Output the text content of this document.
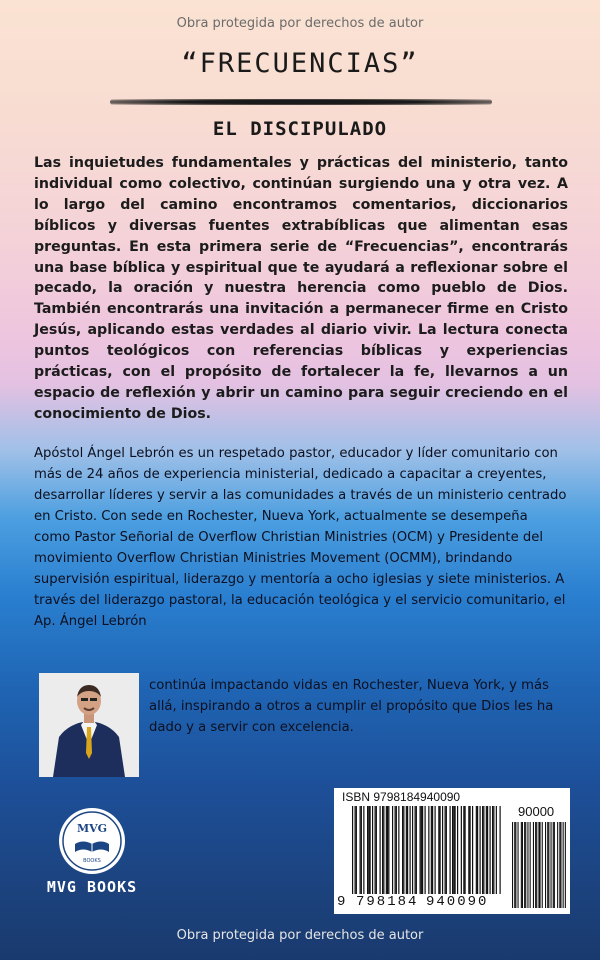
Obra protegida por derechos de autor
“FRECUENCIAS”
EL DISCIPULADO

Las inquietudes fundamentales y prácticas del ministerio, tanto individual como colectivo, continúan surgiendo una y otra vez. A lo largo del camino encontramos comentarios, diccionarios bíblicos y diversas fuentes extrabíblicas que alimentan esas preguntas. En esta primera serie de “Frecuencias”, encontrarás una base bíblica y espiritual que te ayudará a reflexionar sobre el pecado, la oración y nuestra herencia como pueblo de Dios. También encontrarás una invitación a permanecer firme en Cristo Jesús, aplicando estas verdades al diario vivir. La lectura conecta puntos teológicos con referencias bíblicas y experiencias prácticas, con el propósito de fortalecer la fe, llevarnos a un espacio de reflexión y abrir un camino para seguir creciendo en el conocimiento de Dios.

Apóstol Ángel Lebrón es un respetado pastor, educador y líder comunitario con más de 24 años de experiencia ministerial, dedicado a capacitar a creyentes, desarrollar líderes y servir a las comunidades a través de un ministerio centrado en Cristo. Con sede en Rochester, Nueva York, actualmente se desempeña como Pastor Señorial de Overflow Christian Ministries (OCM) y Presidente del movimiento Overflow Christian Ministries Movement (OCMM), brindando supervisión espiritual, liderazgo y mentoría a ocho iglesias y siete ministerios. A través del liderazgo pastoral, la educación teológica y el servicio comunitario, el Ap. Ángel Lebrón

continúa impactando vidas en Rochester, Nueva York, y más allá, inspirando a otros a cumplir el propósito que Dios les ha dado y a servir con excelencia.

MVG
BOOKS
MVG BOOKS
ISBN 9798184940090
90000
9 798184 940090
Obra protegida por derechos de autor
